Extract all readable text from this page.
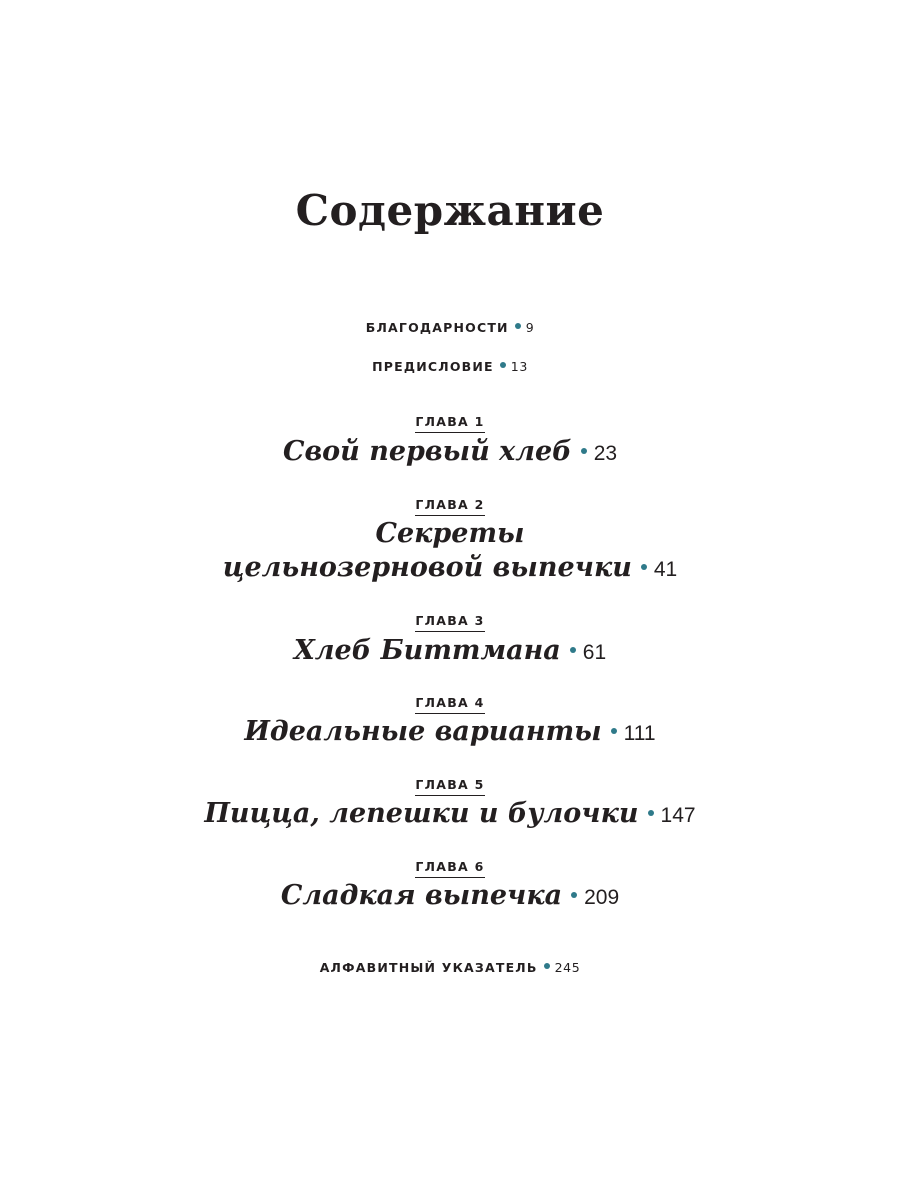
Содержание
БЛАГОДАРНОСТИ 9
ПРЕДИСЛОВИЕ 13
ГЛАВА 1
Свой первый хлеб 23
ГЛАВА 2
Секреты
цельнозерновой выпечки 41
ГЛАВА 3
Хлеб Биттмана 61
ГЛАВА 4
Идеальные варианты 111
ГЛАВА 5
Пицца, лепешки и булочки 147
ГЛАВА 6
Сладкая выпечка 209
АЛФАВИТНЫЙ УКАЗАТЕЛЬ 245
